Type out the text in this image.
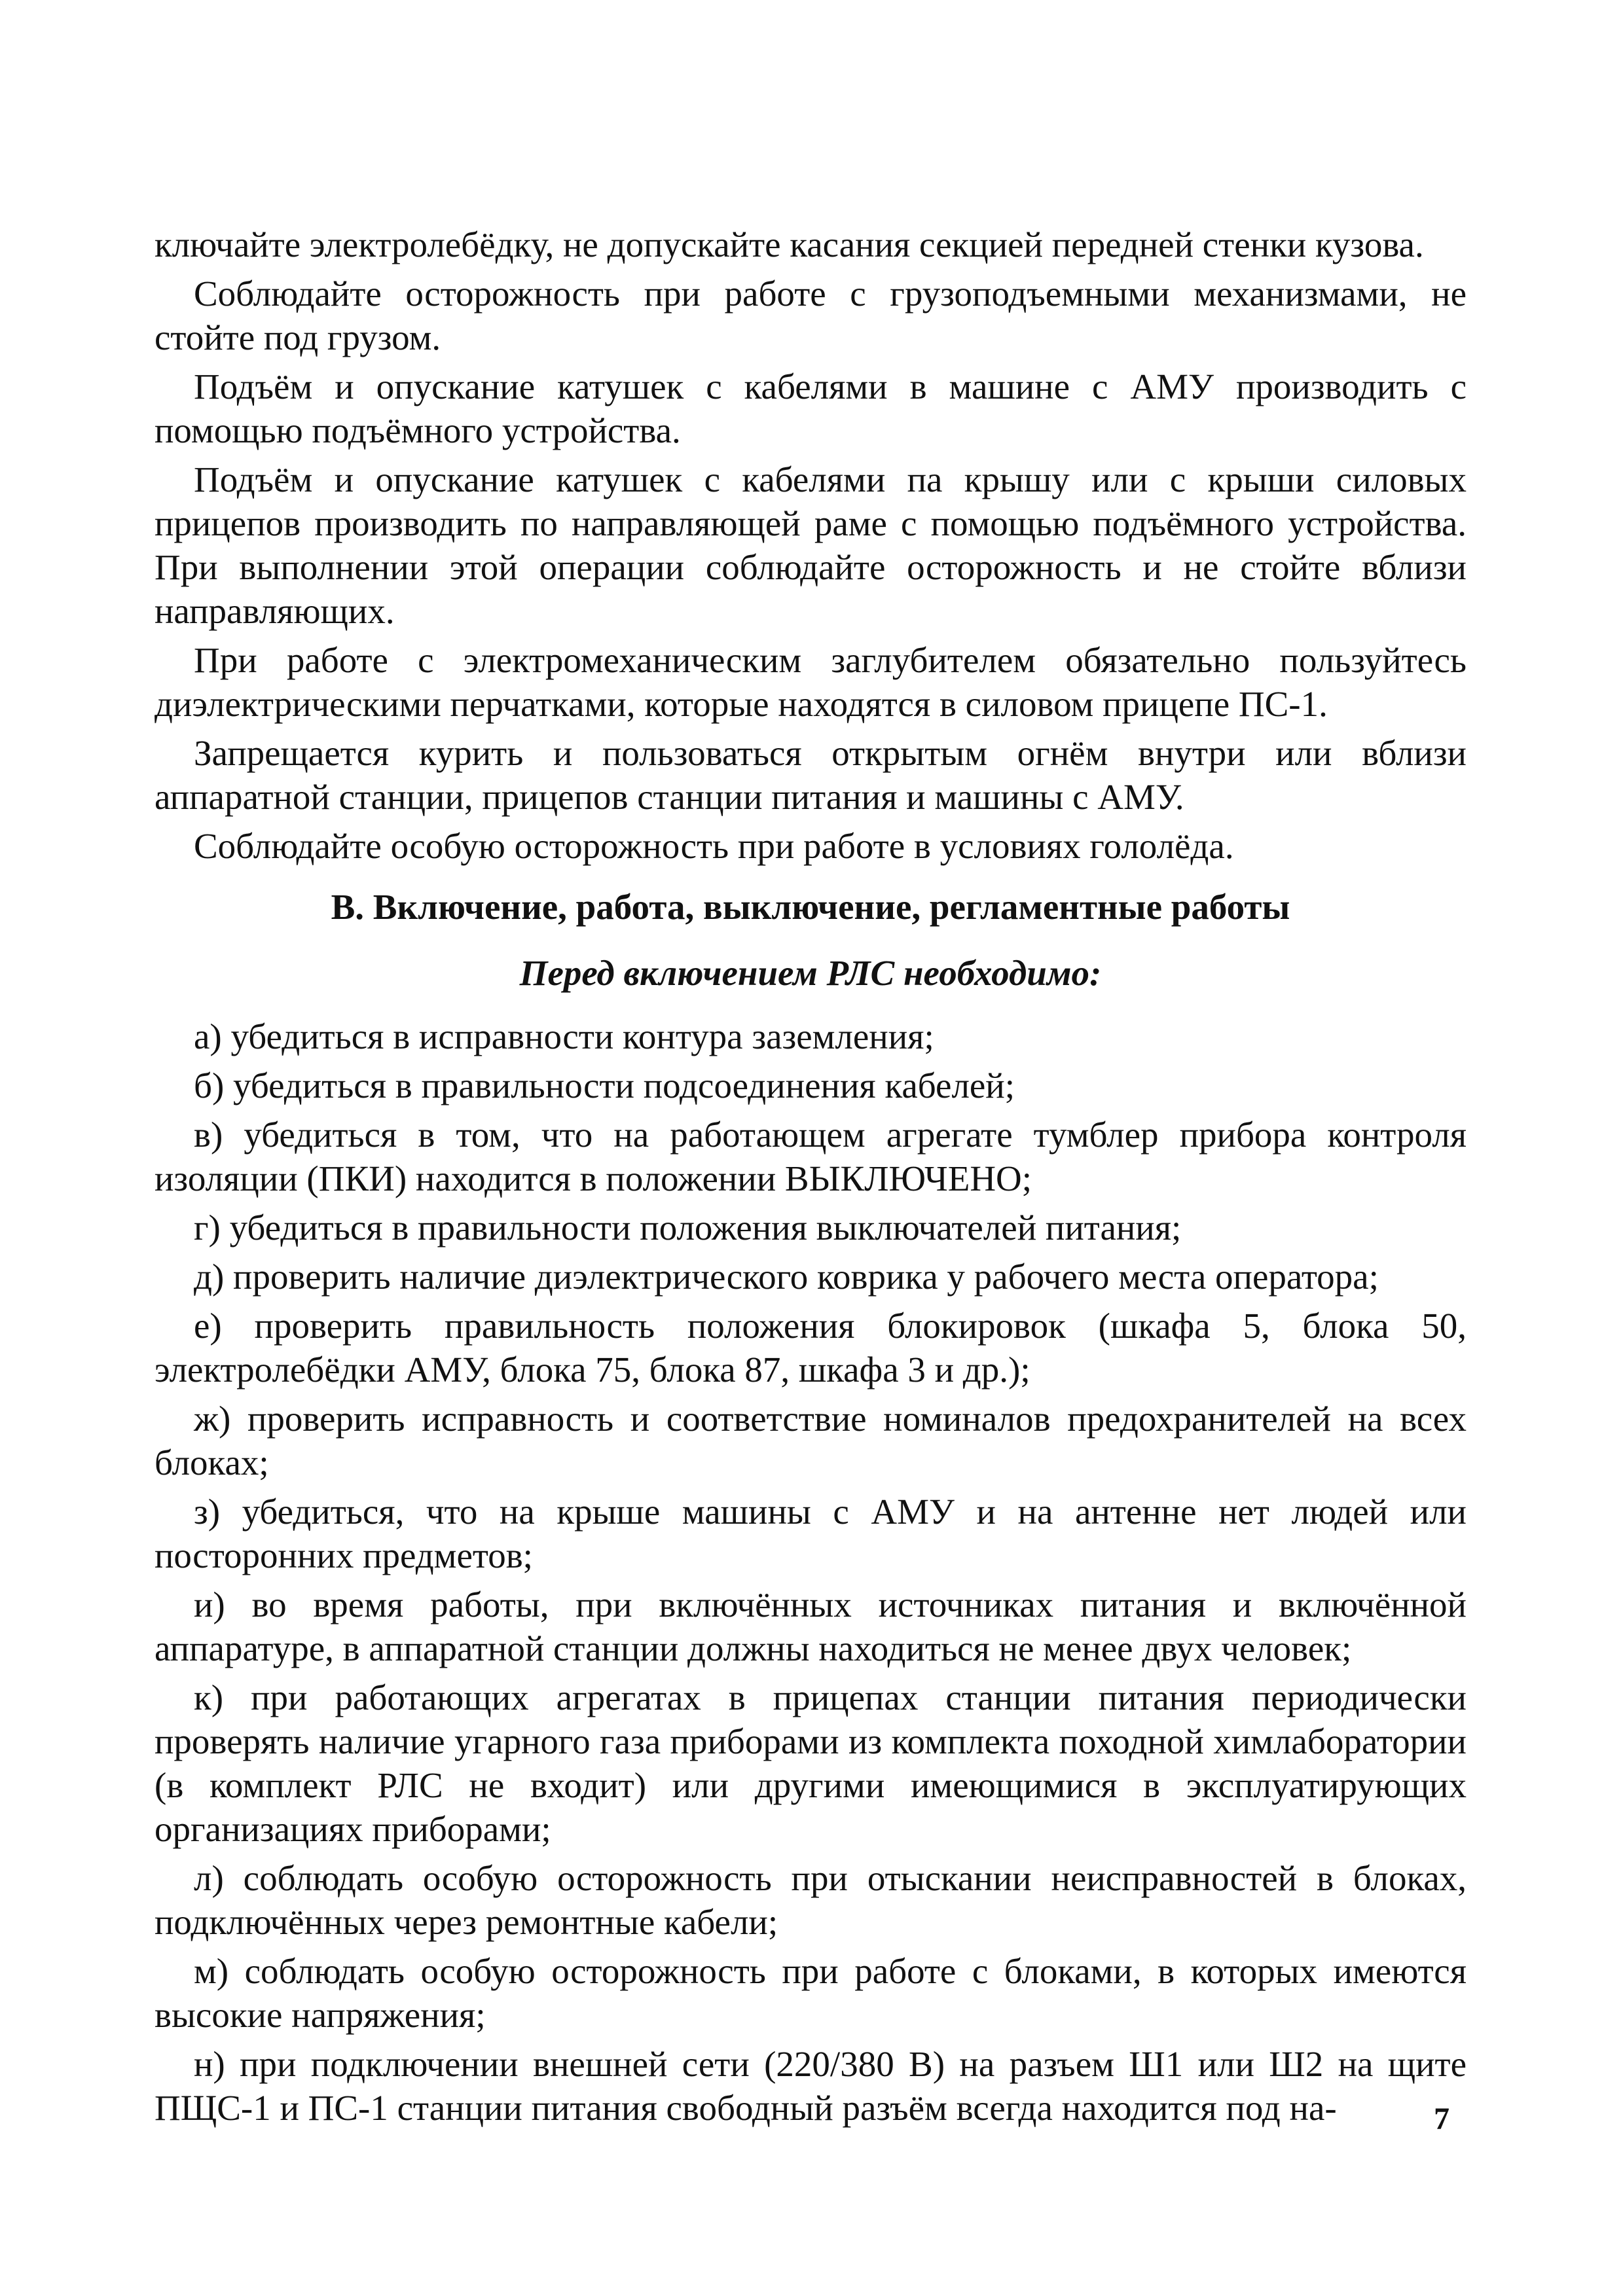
ключайте электролебёдку, не допускайте касания секцией передней стенки кузова.

Соблюдайте осторожность при работе с грузоподъемными механизмами, не стойте под грузом.

Подъём и опускание катушек с кабелями в машине с АМУ производить с помощью подъёмного устройства.

Подъём и опускание катушек с кабелями па крышу или с крыши силовых прицепов производить по направляющей раме с помощью подъёмного устройства. При выполнении этой операции соблюдайте осторожность и не стойте вблизи направляющих.

При работе с электромеханическим заглубителем обязательно пользуйтесь диэлектрическими перчатками, которые находятся в силовом прицепе ПС-1.

Запрещается курить и пользоваться открытым огнём внутри или вблизи аппаратной станции, прицепов станции питания и машины с АМУ.

Соблюдайте особую осторожность при работе в условиях гололёда.

В. Включение, работа, выключение, регламентные работы
Перед включением РЛС необходимо:

а) убедиться в исправности контура заземления;

б) убедиться в правильности подсоединения кабелей;

в) убедиться в том, что на работающем агрегате тумблер прибора контроля изоляции (ПКИ) находится в положении ВЫКЛЮЧЕНО;

г) убедиться в правильности положения выключателей питания;

д) проверить наличие диэлектрического коврика у рабочего места оператора;

е) проверить правильность положения блокировок (шкафа 5, блока 50, электролебёдки АМУ, блока 75, блока 87, шкафа 3 и др.);

ж) проверить исправность и соответствие номиналов предохранителей на всех блоках;

з) убедиться, что на крыше машины с АМУ и на антенне нет людей или посторонних предметов;

и) во время работы, при включённых источниках питания и включённой аппаратуре, в аппаратной станции должны находиться не менее двух человек;

к) при работающих агрегатах в прицепах станции питания периодически проверять наличие угарного газа приборами из комплекта походной химлаборатории (в комплект РЛС не входит) или другими имеющимися в эксплуатирующих организациях приборами;

л) соблюдать особую осторожность при отыскании неисправностей в блоках, подключённых через ремонтные кабели;

м) соблюдать особую осторожность при работе с блоками, в которых имеются высокие напряжения;

н) при подключении внешней сети (220/380 В) на разъем Ш1 или Ш2 на щите ПЩС-1 и ПС-1 станции питания свободный разъём всегда находится под на-	7
